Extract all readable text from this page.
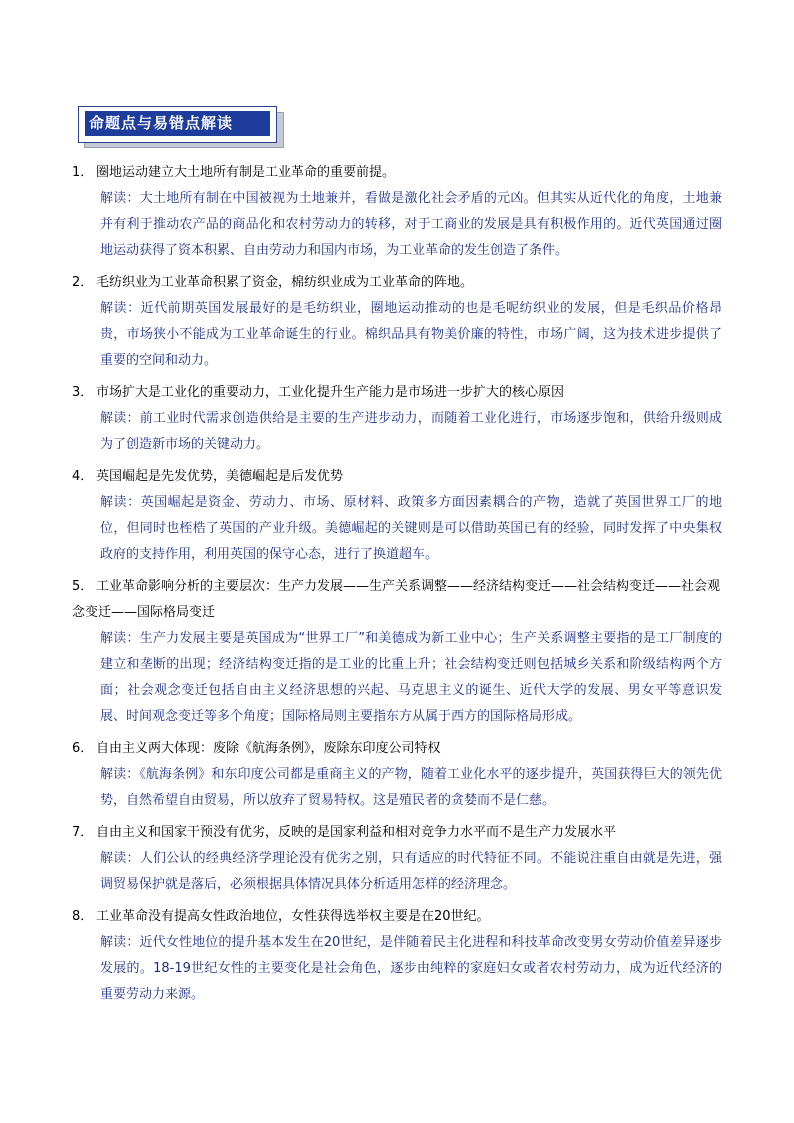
命题点与易错点解读
1． 圈地运动建立大土地所有制是工业革命的重要前提。
解读：大土地所有制在中国被视为土地兼并，看做是激化社会矛盾的元凶。但其实从近代化的角度，土地兼并有利于推动农产品的商品化和农村劳动力的转移，对于工商业的发展是具有积极作用的。近代英国通过圈地运动获得了资本积累、自由劳动力和国内市场，为工业革命的发生创造了条件。
2． 毛纺织业为工业革命积累了资金，棉纺织业成为工业革命的阵地。
解读：近代前期英国发展最好的是毛纺织业，圈地运动推动的也是毛呢纺织业的发展，但是毛织品价格昂贵，市场狭小不能成为工业革命诞生的行业。棉织品具有物美价廉的特性，市场广阔，这为技术进步提供了重要的空间和动力。
3． 市场扩大是工业化的重要动力，工业化提升生产能力是市场进一步扩大的核心原因
解读：前工业时代需求创造供给是主要的生产进步动力，而随着工业化进行，市场逐步饱和，供给升级则成为了创造新市场的关键动力。
4． 英国崛起是先发优势，美德崛起是后发优势
解读：英国崛起是资金、劳动力、市场、原材料、政策多方面因素耦合的产物，造就了英国世界工厂的地位，但同时也桎梏了英国的产业升级。美德崛起的关键则是可以借助英国已有的经验，同时发挥了中央集权政府的支持作用，利用英国的保守心态，进行了换道超车。
5． 工业革命影响分析的主要层次：生产力发展——生产关系调整——经济结构变迁——社会结构变迁——社会观念变迁——国际格局变迁
解读：生产力发展主要是英国成为“世界工厂”和美德成为新工业中心；生产关系调整主要指的是工厂制度的建立和垄断的出现；经济结构变迁指的是工业的比重上升；社会结构变迁则包括城乡关系和阶级结构两个方面；社会观念变迁包括自由主义经济思想的兴起、马克思主义的诞生、近代大学的发展、男女平等意识发展、时间观念变迁等多个角度；国际格局则主要指东方从属于西方的国际格局形成。
6． 自由主义两大体现：废除《航海条例》，废除东印度公司特权
解读：《航海条例》和东印度公司都是重商主义的产物，随着工业化水平的逐步提升，英国获得巨大的领先优势，自然希望自由贸易，所以放弃了贸易特权。这是殖民者的贪婪而不是仁慈。
7． 自由主义和国家干预没有优劣，反映的是国家利益和相对竞争力水平而不是生产力发展水平
解读：人们公认的经典经济学理论没有优劣之别，只有适应的时代特征不同。不能说注重自由就是先进，强调贸易保护就是落后，必须根据具体情况具体分析适用怎样的经济理念。
8． 工业革命没有提高女性政治地位，女性获得选举权主要是在20世纪。
解读：近代女性地位的提升基本发生在20世纪，是伴随着民主化进程和科技革命改变男女劳动价值差异逐步发展的。18-19世纪女性的主要变化是社会角色，逐步由纯粹的家庭妇女或者农村劳动力，成为近代经济的重要劳动力来源。
